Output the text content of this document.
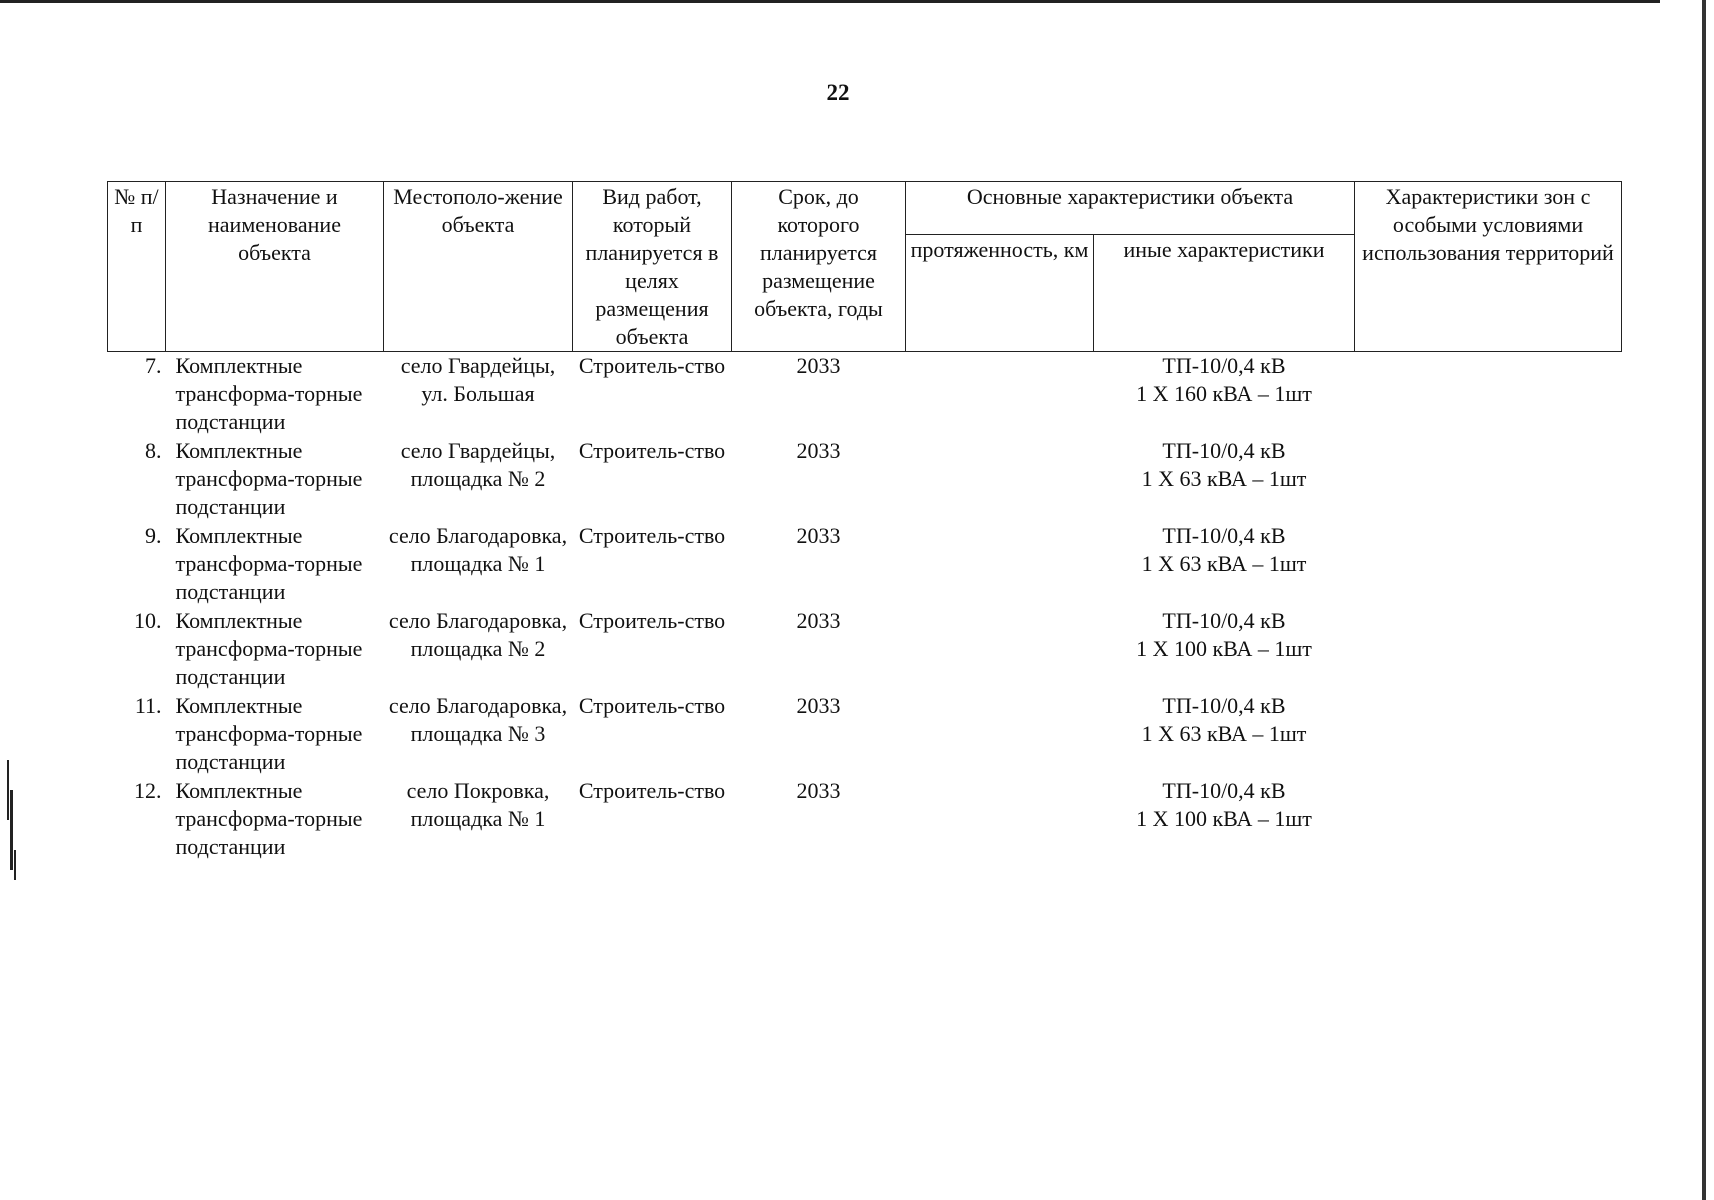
22
№ п/п	Назначение и наименование объекта	Местополо-жение объекта	Вид работ, который планируется в целях размещения объекта	Срок, до которого планируется размещение объекта, годы	Основные характеристики объекта		Характеристики зон с особыми условиями использования территорий
					протяженность, км	иные характеристики	
7.	Комплектные трансформа-торные подстанции	село Гвардейцы, ул. Большая	Строитель-ство	2033		ТП-10/0,4 кВ
1 Х 160 кВА – 1шт	
8.	Комплектные трансформа-торные подстанции	село Гвардейцы, площадка № 2	Строитель-ство	2033		ТП-10/0,4 кВ
1 Х 63 кВА – 1шт	
9.	Комплектные трансформа-торные подстанции	село Благодаровка, площадка № 1	Строитель-ство	2033		ТП-10/0,4 кВ
1 Х 63 кВА – 1шт	
10.	Комплектные трансформа-торные подстанции	село Благодаровка, площадка № 2	Строитель-ство	2033		ТП-10/0,4 кВ
1 Х 100 кВА – 1шт	
11.	Комплектные трансформа-торные подстанции	село Благодаровка, площадка № 3	Строитель-ство	2033		ТП-10/0,4 кВ
1 Х 63 кВА – 1шт	
12.	Комплектные трансформа-торные подстанции	село Покровка, площадка № 1	Строитель-ство	2033		ТП-10/0,4 кВ
1 Х 100 кВА – 1шт	
